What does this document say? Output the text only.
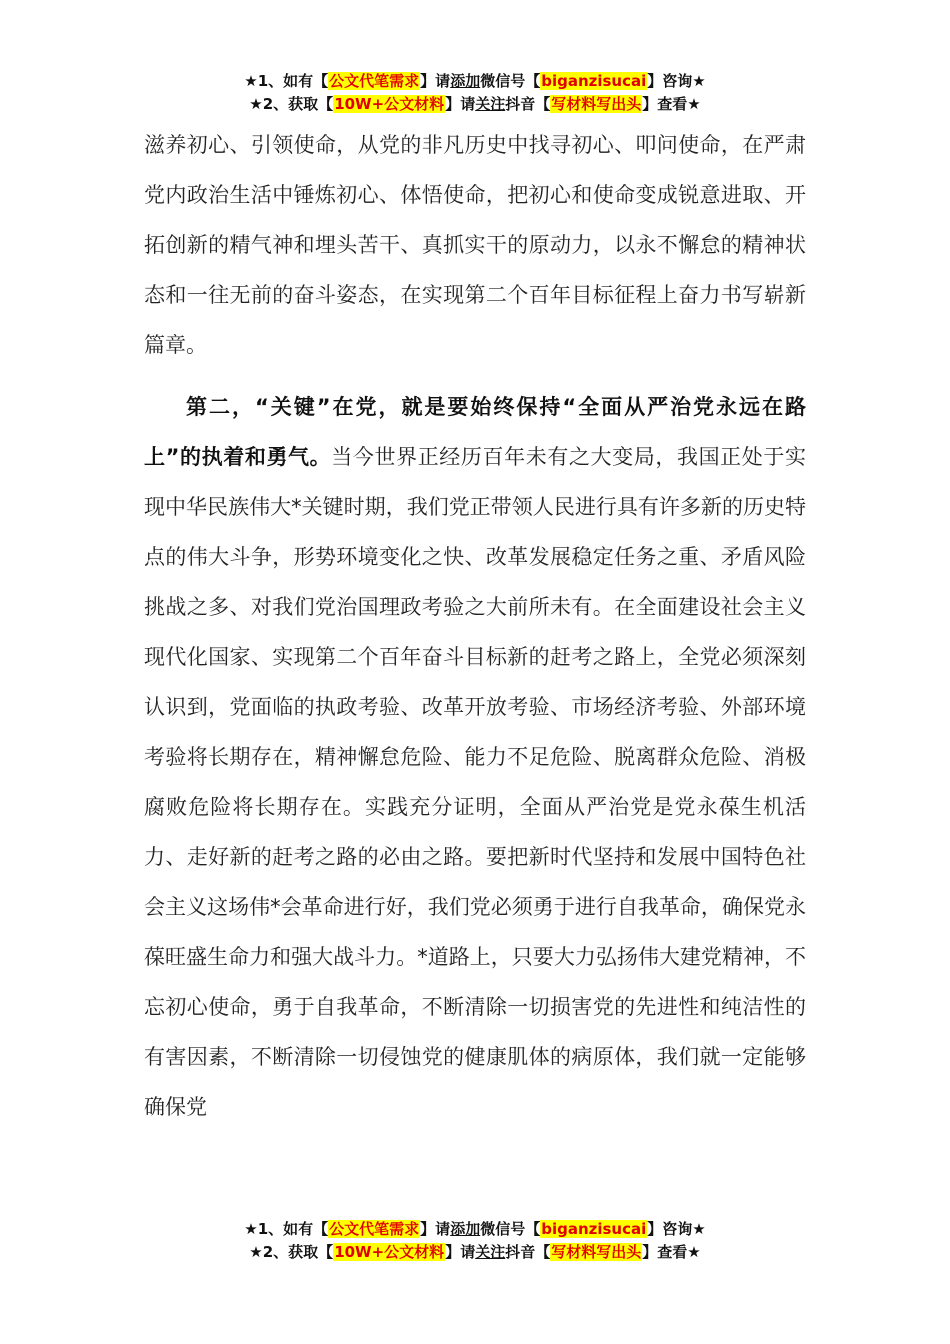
★1、如有【公文代笔需求】请添加微信号【biganzisucai】咨询★
★2、获取【10W+公文材料】请关注抖音【写材料写出头】查看★

滋养初心、引领使命，从党的非凡历史中找寻初心、叩问使命，在严肃党内政治生活中锤炼初心、体悟使命，把初心和使命变成锐意进取、开拓创新的精气神和埋头苦干、真抓实干的原动力，以永不懈怠的精神状态和一往无前的奋斗姿态，在实现第二个百年目标征程上奋力书写崭新篇章。

第二，“关键”在党，就是要始终保持“全面从严治党永远在路上”的执着和勇气。当今世界正经历百年未有之大变局，我国正处于实现中华民族伟大*关键时期，我们党正带领人民进行具有许多新的历史特点的伟大斗争，形势环境变化之快、改革发展稳定任务之重、矛盾风险挑战之多、对我们党治国理政考验之大前所未有。在全面建设社会主义现代化国家、实现第二个百年奋斗目标新的赶考之路上，全党必须深刻认识到，党面临的执政考验、改革开放考验、市场经济考验、外部环境考验将长期存在，精神懈怠危险、能力不足危险、脱离群众危险、消极腐败危险将长期存在。实践充分证明，全面从严治党是党永葆生机活力、走好新的赶考之路的必由之路。要把新时代坚持和发展中国特色社会主义这场伟*会革命进行好，我们党必须勇于进行自我革命，确保党永葆旺盛生命力和强大战斗力。*道路上，只要大力弘扬伟大建党精神，不忘初心使命，勇于自我革命，不断清除一切损害党的先进性和纯洁性的有害因素，不断清除一切侵蚀党的健康肌体的病原体，我们就一定能够确保党

★1、如有【公文代笔需求】请添加微信号【biganzisucai】咨询★
★2、获取【10W+公文材料】请关注抖音【写材料写出头】查看★
